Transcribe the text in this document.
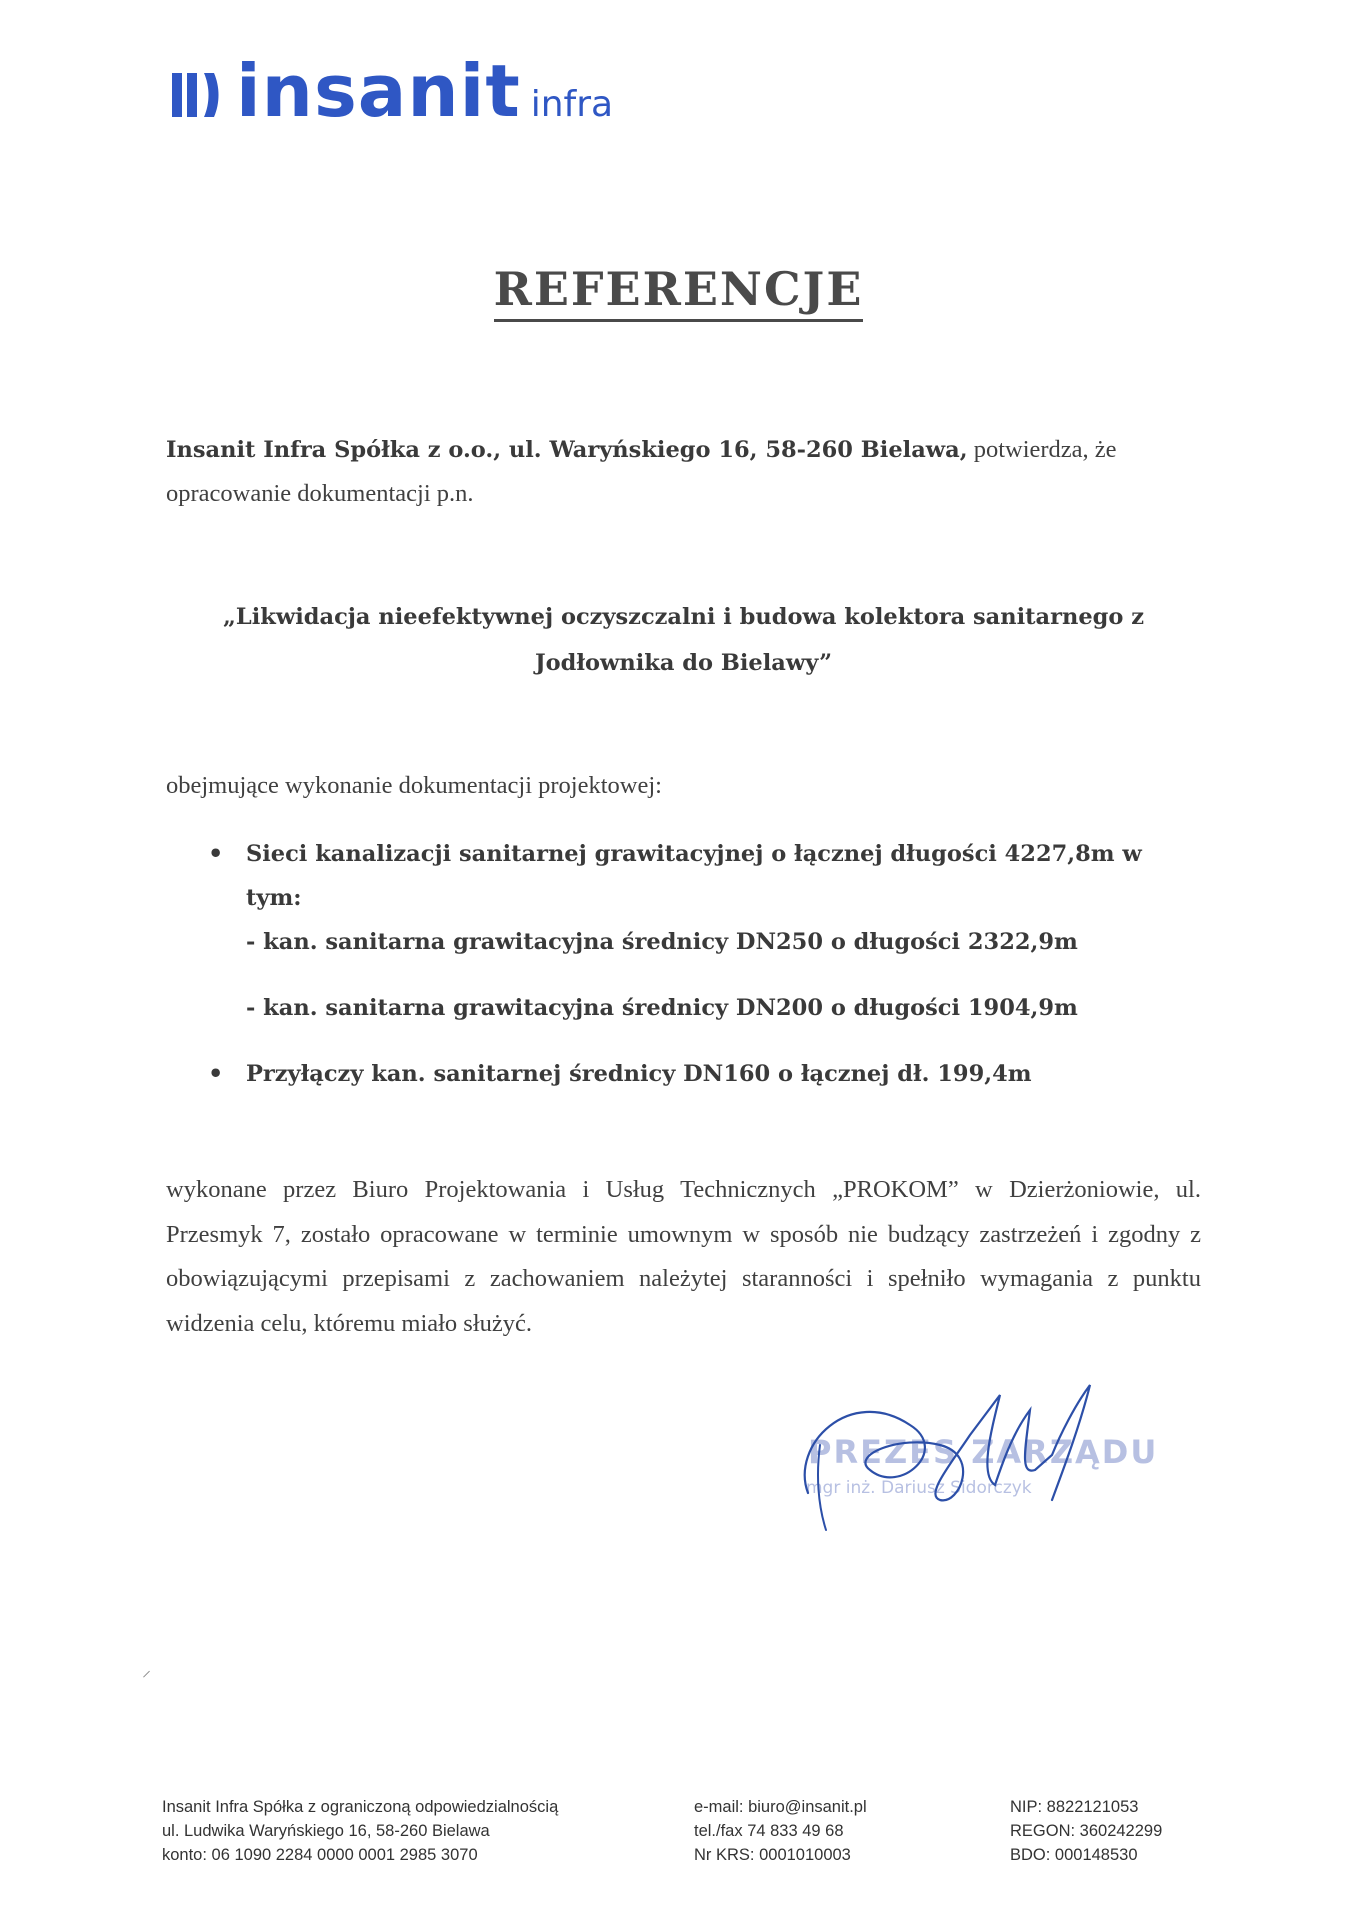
insanit infra
REFERENCJE
Insanit Infra Spółka z o.o., ul. Waryńskiego 16, 58-260 Bielawa, potwierdza, że opracowanie dokumentacji p.n.
„Likwidacja nieefektywnej oczyszczalni i budowa kolektora sanitarnego z
Jodłownika do Bielawy”
obejmujące wykonanie dokumentacji projektowej:
• Sieci kanalizacji sanitarnej grawitacyjnej o łącznej długości 4227,8m w tym:
- kan. sanitarna grawitacyjna średnicy DN250 o długości 2322,9m
- kan. sanitarna grawitacyjna średnicy DN200 o długości 1904,9m
• Przyłączy kan. sanitarnej średnicy DN160 o łącznej dł. 199,4m
wykonane przez Biuro Projektowania i Usług Technicznych „PROKOM” w Dzierżoniowie, ul. Przesmyk 7, zostało opracowane w terminie umownym w sposób nie budzący zastrzeżeń i zgodny z obowiązującymi przepisami z zachowaniem należytej staranności i spełniło wymagania z punktu widzenia celu, któremu miało służyć.
PREZES ZARZĄDU
mgr inż. Dariusz Sidorczyk
⸝
Insanit Infra Spółka z ograniczoną odpowiedzialnością
ul. Ludwika Waryńskiego 16, 58-260 Bielawa
konto: 06 1090 2284 0000 0001 2985 3070
e-mail: biuro@insanit.pl
tel./fax 74 833 49 68
Nr KRS: 0001010003
NIP: 8822121053
REGON: 360242299
BDO: 000148530
